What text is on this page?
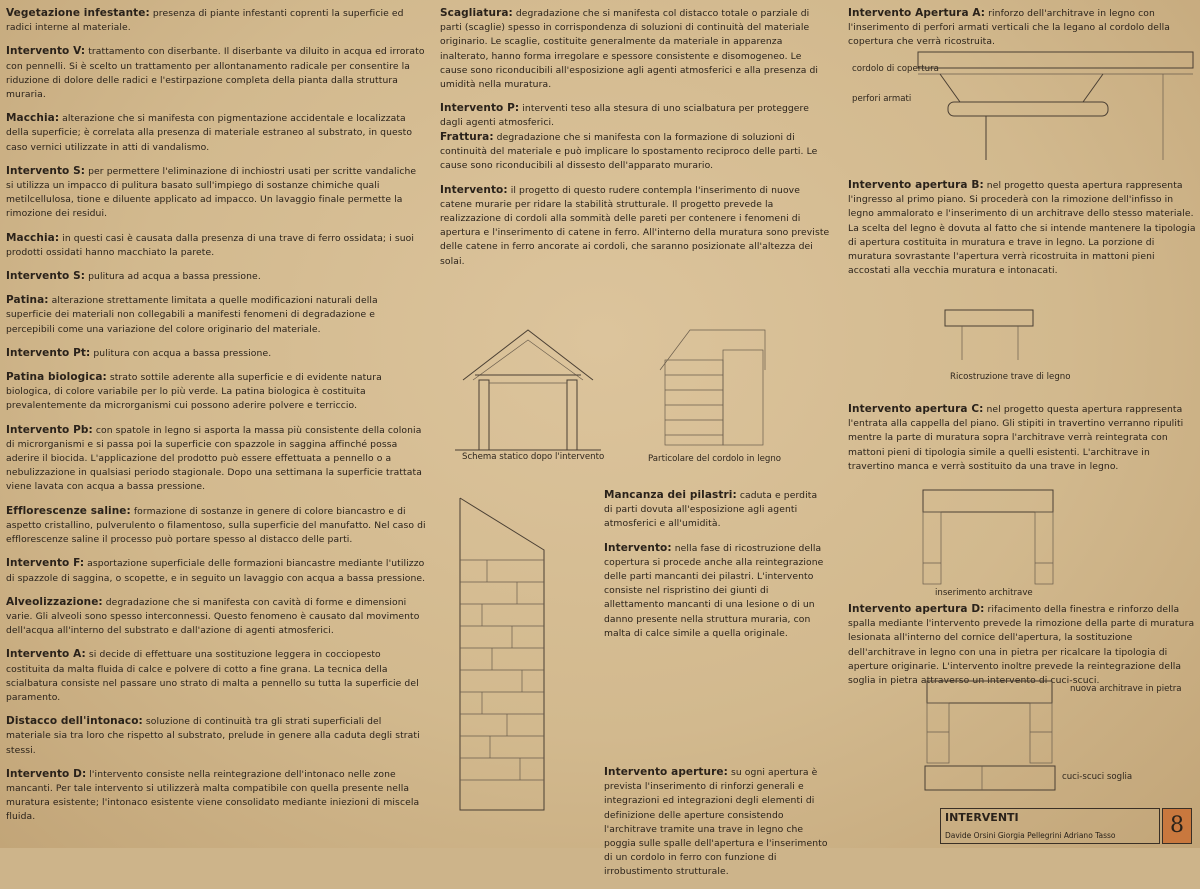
Vegetazione infestante: presenza di piante infestanti coprenti la superficie ed radici interne al materiale.

Intervento V: trattamento con diserbante. Il diserbante va diluito in acqua ed irrorato con pennelli. Si è scelto un trattamento per allontanamento radicale per consentire la riduzione di dolore delle radici e l'estirpazione completa della pianta dalla struttura muraria.

Macchia: alterazione che si manifesta con pigmentazione accidentale e localizzata della superficie; è correlata alla presenza di materiale estraneo al substrato, in questo caso vernici utilizzate in atti di vandalismo.

Intervento S: per permettere l'eliminazione di inchiostri usati per scritte vandaliche si utilizza un impacco di pulitura basato sull'impiego di sostanze chimiche quali metilcellulosa, tione e diluente applicato ad impacco. Un lavaggio finale permette la rimozione dei residui.

Macchia: in questi casi è causata dalla presenza di una trave di ferro ossidata; i suoi prodotti ossidati hanno macchiato la parete.

Intervento S: pulitura ad acqua a bassa pressione.

Patina: alterazione strettamente limitata a quelle modificazioni naturali della superficie dei materiali non collegabili a manifesti fenomeni di degradazione e percepibili come una variazione del colore originario del materiale.

Intervento Pt: pulitura con acqua a bassa pressione.

Patina biologica: strato sottile aderente alla superficie e di evidente natura biologica, di colore variabile per lo più verde. La patina biologica è costituita prevalentemente da microrganismi cui possono aderire polvere e terriccio.

Intervento Pb: con spatole in legno si asporta la massa più consistente della colonia di microrganismi e si passa poi la superficie con spazzole in saggina affinché possa aderire il biocida. L'applicazione del prodotto può essere effettuata a pennello o a nebulizzazione in qualsiasi periodo stagionale. Dopo una settimana la superficie trattata viene lavata con acqua a bassa pressione.

Efflorescenze saline: formazione di sostanze in genere di colore biancastro e di aspetto cristallino, pulverulento o filamentoso, sulla superficie del manufatto. Nel caso di efflorescenze saline il processo può portare spesso al distacco delle parti.

Intervento F: asportazione superficiale delle formazioni biancastre mediante l'utilizzo di spazzole di saggina, o scopette, e in seguito un lavaggio con acqua a bassa pressione.

Alveolizzazione: degradazione che si manifesta con cavità di forme e dimensioni varie. Gli alveoli sono spesso interconnessi. Questo fenomeno è causato dal movimento dell'acqua all'interno del substrato e dall'azione di agenti atmosferici.

Intervento A: si decide di effettuare una sostituzione leggera in cocciopesto costituita da malta fluida di calce e polvere di cotto a fine grana. La tecnica della scialbatura consiste nel passare uno strato di malta a pennello su tutta la superficie del paramento.

Distacco dell'intonaco: soluzione di continuità tra gli strati superficiali del materiale sia tra loro che rispetto al substrato, prelude in genere alla caduta degli strati stessi.

Intervento D: l'intervento consiste nella reintegrazione dell'intonaco nelle zone mancanti. Per tale intervento si utilizzerà malta compatibile con quella presente nella muratura esistente; l'intonaco esistente viene consolidato mediante iniezioni di miscela fluida.

Scagliatura: degradazione che si manifesta col distacco totale o parziale di parti (scaglie) spesso in corrispondenza di soluzioni di continuità del materiale originario. Le scaglie, costituite generalmente da materiale in apparenza inalterato, hanno forma irregolare e spessore consistente e disomogeneo. Le cause sono riconducibili all'esposizione agli agenti atmosferici e alla presenza di umidità nella muratura.

Intervento P: interventi teso alla stesura di uno scialbatura per proteggere dagli agenti atmosferici.

Frattura: degradazione che si manifesta con la formazione di soluzioni di continuità del materiale e può implicare lo spostamento reciproco delle parti. Le cause sono riconducibili al dissesto dell'apparato murario.

Intervento: il progetto di questo rudere contempla l'inserimento di nuove catene murarie per ridare la stabilità strutturale. Il progetto prevede la realizzazione di cordoli alla sommità delle pareti per contenere i fenomeni di apertura e l'inserimento di catene in ferro. All'interno della muratura sono previste delle catene in ferro ancorate ai cordoli, che saranno posizionate all'altezza dei solai.

Mancanza dei pilastri: caduta e perdita di parti dovuta all'esposizione agli agenti atmosferici e all'umidità.

Intervento: nella fase di ricostruzione della copertura si procede anche alla reintegrazione delle parti mancanti dei pilastri. L'intervento consiste nel rispristino dei giunti di allettamento mancanti di una lesione o di un danno presente nella struttura muraria, con malta di calce simile a quella originale.

Intervento aperture: su ogni apertura è prevista l'inserimento di rinforzi generali e integrazioni ed integrazioni degli elementi di definizione delle aperture consistendo l'architrave tramite una trave in legno che poggia sulle spalle dell'apertura e l'inserimento di un cordolo in ferro con funzione di irrobustimento strutturale.

Intervento Apertura A: rinforzo dell'architrave in legno con l'inserimento di perfori armati verticali che la legano al cordolo della copertura che verrà ricostruita.

Intervento apertura B: nel progetto questa apertura rappresenta l'ingresso al primo piano. Si procederà con la rimozione dell'infisso in legno ammalorato e l'inserimento di un architrave dello stesso materiale. La scelta del legno è dovuta al fatto che si intende mantenere la tipologia di apertura costituita in muratura e trave in legno. La porzione di muratura sovrastante l'apertura verrà ricostruita in mattoni pieni accostati alla vecchia muratura e intonacati.

Intervento apertura C: nel progetto questa apertura rappresenta l'entrata alla cappella del piano. Gli stipiti in travertino verranno ripuliti mentre la parte di muratura sopra l'architrave verrà reintegrata con mattoni pieni di tipologia simile a quelli esistenti. L'architrave in travertino manca e verrà sostituito da una trave in legno.

Intervento apertura D: rifacimento della finestra e rinforzo della spalla mediante l'intervento prevede la rimozione della parte di muratura lesionata all'interno del cornice dell'apertura, la sostituzione dell'architrave in legno con una in pietra per ricalcare la tipologia di aperture originarie. L'intervento inoltre prevede la reintegrazione della soglia in pietra attraverso un intervento di cuci-scuci.

cordolo di copertura
perfori armati
Schema statico dopo l'intervento	Particolare del cordolo in legno
Ricostruzione trave di legno
inserimento architrave
nuova architrave in pietra
cuci-scuci soglia
INTERVENTI
Davide Orsini Giorgia Pellegrini Adriano Tasso	8
